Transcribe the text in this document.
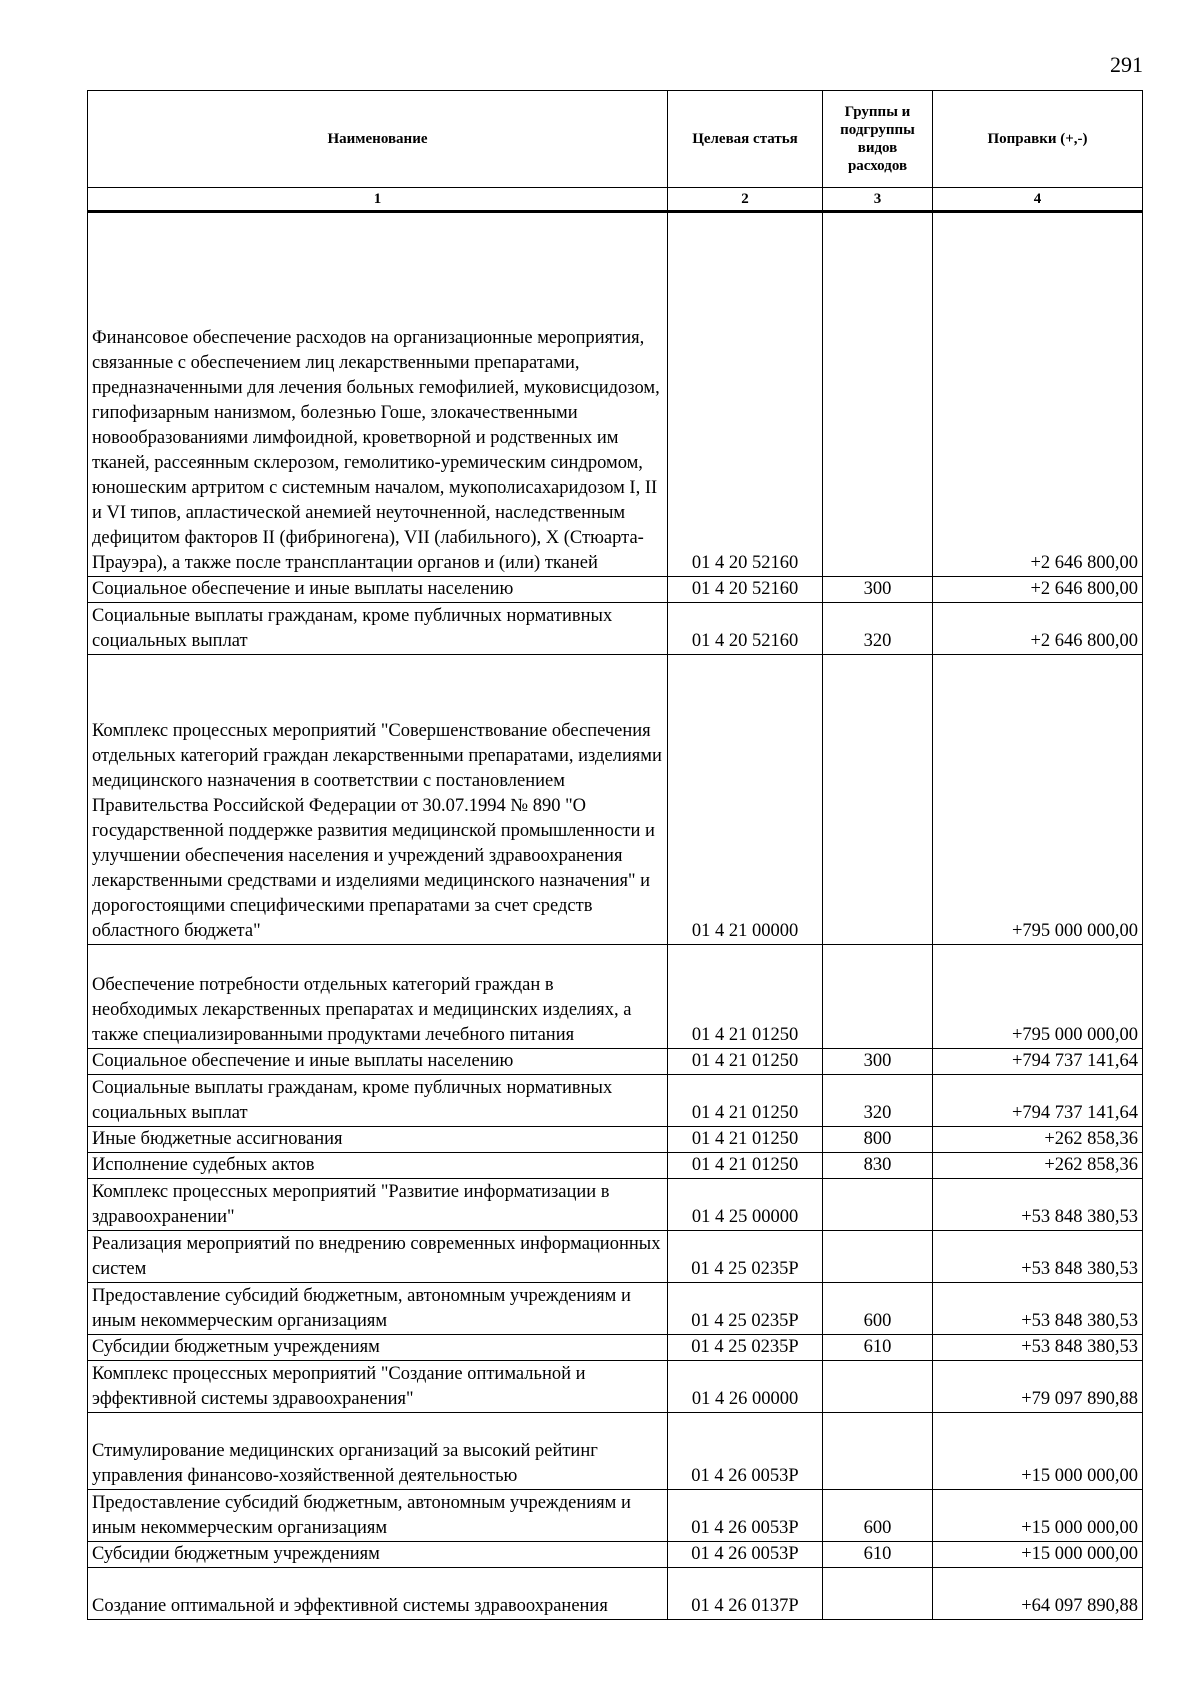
291
Наименование	Целевая статья	Группы и подгруппы видов расходов	Поправки (+,-)
1	2	3	4
Финансовое обеспечение расходов на организационные мероприятия, связанные с обеспечением лиц лекарственными препаратами, предназначенными для лечения больных гемофилией, муковисцидозом, гипофизарным нанизмом, болезнью Гоше, злокачественными новообразованиями лимфоидной, кроветворной и родственных им тканей, рассеянным склерозом, гемолитико-уремическим синдромом, юношеским артритом с системным началом, мукополисахаридозом I, II и VI типов, апластической анемией неуточненной, наследственным дефицитом факторов II (фибриногена), VII (лабильного), X (Стюарта-Прауэра), а также после трансплантации органов и (или) тканей	01 4 20 52160		+2 646 800,00
Социальное обеспечение и иные выплаты населению	01 4 20 52160	300	+2 646 800,00
Социальные выплаты гражданам, кроме публичных нормативных социальных выплат	01 4 20 52160	320	+2 646 800,00
Комплекс процессных мероприятий "Совершенствование обеспечения отдельных категорий граждан лекарственными препаратами, изделиями медицинского назначения в соответствии с постановлением Правительства Российской Федерации от 30.07.1994 № 890 "О государственной поддержке развития медицинской промышленности и улучшении обеспечения населения и учреждений здравоохранения лекарственными средствами и изделиями медицинского назначения" и дорогостоящими специфическими препаратами за счет средств областного бюджета"	01 4 21 00000		+795 000 000,00
Обеспечение потребности отдельных категорий граждан в необходимых лекарственных препаратах и медицинских изделиях, а также специализированными продуктами лечебного питания	01 4 21 01250		+795 000 000,00
Социальное обеспечение и иные выплаты населению	01 4 21 01250	300	+794 737 141,64
Социальные выплаты гражданам, кроме публичных нормативных социальных выплат	01 4 21 01250	320	+794 737 141,64
Иные бюджетные ассигнования	01 4 21 01250	800	+262 858,36
Исполнение судебных актов	01 4 21 01250	830	+262 858,36
Комплекс процессных мероприятий "Развитие информатизации в здравоохранении"	01 4 25 00000		+53 848 380,53
Реализация мероприятий по внедрению современных информационных систем	01 4 25 0235Р		+53 848 380,53
Предоставление субсидий бюджетным, автономным учреждениям и иным некоммерческим организациям	01 4 25 0235Р	600	+53 848 380,53
Субсидии бюджетным учреждениям	01 4 25 0235Р	610	+53 848 380,53
Комплекс процессных мероприятий "Создание оптимальной и эффективной системы здравоохранения"	01 4 26 00000		+79 097 890,88
Стимулирование медицинских организаций за высокий рейтинг управления финансово-хозяйственной деятельностью	01 4 26 0053Р		+15 000 000,00
Предоставление субсидий бюджетным, автономным учреждениям и иным некоммерческим организациям	01 4 26 0053Р	600	+15 000 000,00
Субсидии бюджетным учреждениям	01 4 26 0053Р	610	+15 000 000,00
Создание оптимальной и эффективной системы здравоохранения	01 4 26 0137Р		+64 097 890,88
